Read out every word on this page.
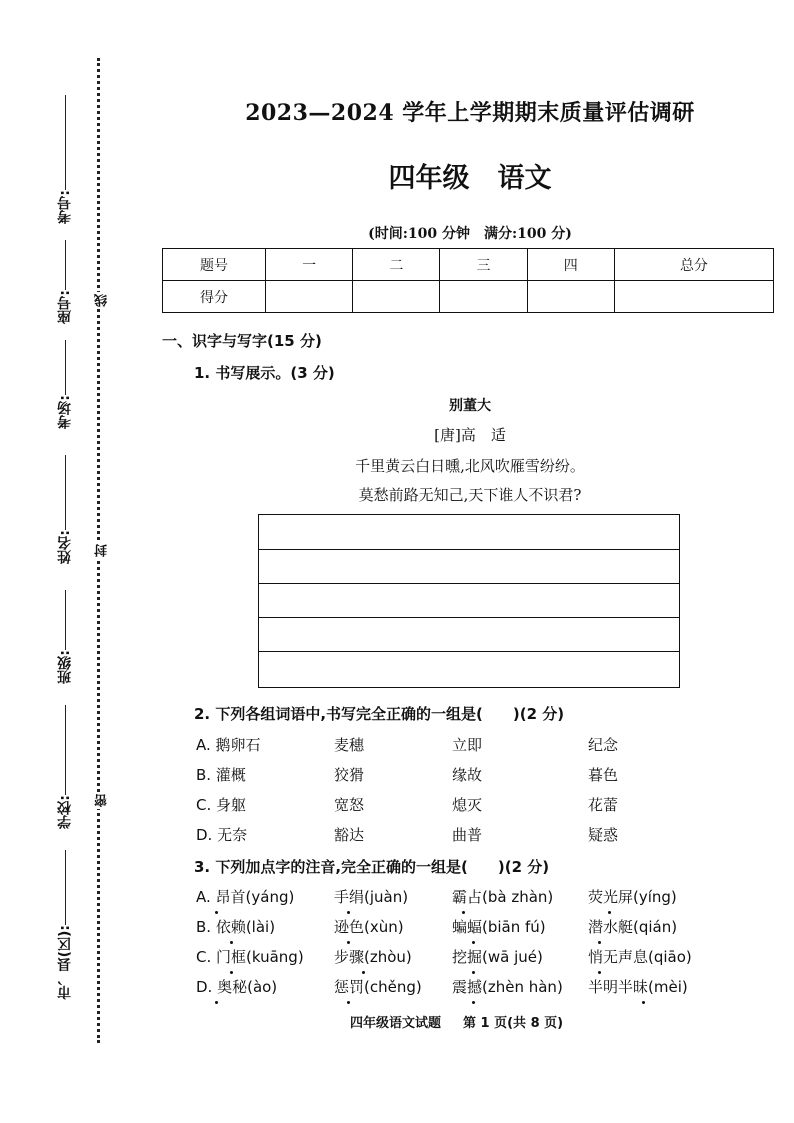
考号:
座号:
考场:
姓名:
班级:
学校:
市、县(区):
线
封
密
2023—2024 学年上学期期末质量评估调研
四年级 语文
(时间:100 分钟　满分:100 分)
题号	一	二	三	四	总分
得分					
一、识字与写字(15 分)
1. 书写展示。(3 分)
别董大
[唐]高　适
千里黄云白日曛,北风吹雁雪纷纷。
莫愁前路无知己,天下谁人不识君?
2. 下列各组词语中,书写完全正确的一组是(　　)(2 分)
A. 鹅卵石	麦穗	立即	纪念
B. 灌概	狡猾	缘故	暮色
C. 身躯	宽怒	熄灭	花蕾
D. 无奈	豁达	曲普	疑惑
3. 下列加点字的注音,完全正确的一组是(　　)(2 分)
A. 昂首(yáng)	手绢(juàn)	霸占(bà zhàn) 荧光屏(yíng)
B. 依赖(lài)	逊色(xùn)	蝙蝠(biān fú)	潜水艇(qián)
C. 门框(kuāng) 步骤(zhòu)	挖掘(wā jué)	悄无声息(qiāo)
D. 奥秘(ào)	惩罚(chěng) 震撼(zhèn hàn) 半明半昧(mèi)
四年级语文试题 第 1 页(共 8 页)
